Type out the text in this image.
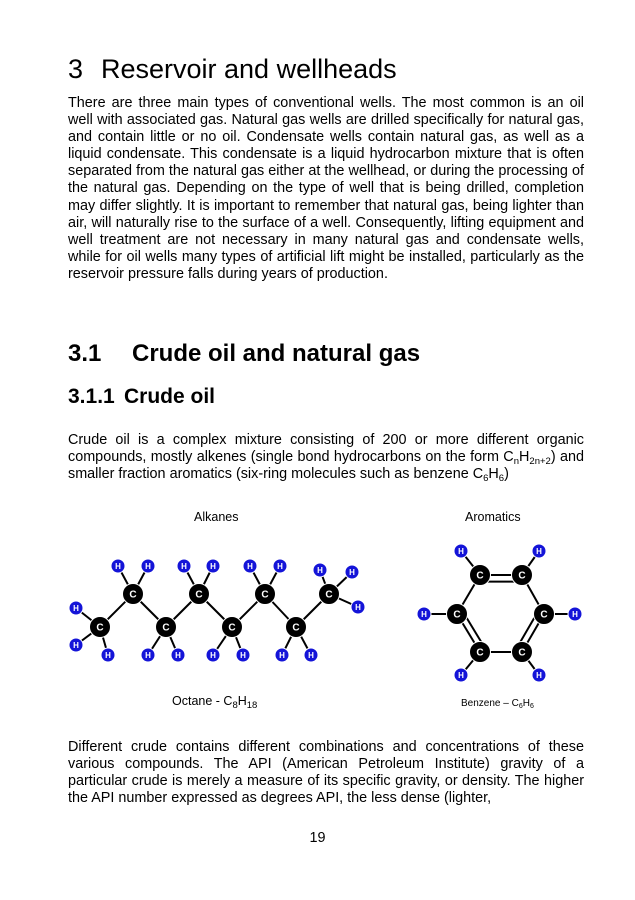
3 Reservoir and wellheads

There are three main types of conventional wells. The most common is an oil well with associated gas. Natural gas wells are drilled specifically for natural gas, and contain little or no oil. Condensate wells contain natural gas, as well as a liquid condensate. This condensate is a liquid hydrocarbon mixture that is often separated from the natural gas either at the wellhead, or during the processing of the natural gas. Depending on the type of well that is being drilled, completion may differ slightly. It is important to remember that natural gas, being lighter than air, will naturally rise to the surface of a well. Consequently, lifting equipment and well treatment are not necessary in many natural gas and condensate wells, while for oil wells many types of artificial lift might be installed, particularly as the reservoir pressure falls during years of production.

3.1 Crude oil and natural gas
3.1.1 Crude oil

Crude oil is a complex mixture consisting of 200 or more different organic compounds, mostly alkenes (single bond hydrocarbons on the form $C_nH_{2n+2}$) and smaller fraction aromatics (six-ring molecules such as benzene $C_6H_6$)

Alkanes	Aromatics
H
H
H
H	H
H	H
H	H
H	H
H	H
H	H
H	H
H
C
C
C
C
C
C
C
C
H	H
H
H
H
H
C	C
C
C
C
C
Octane - $C_8H_{18}$	Benzene – $C_6H_6$

Different crude contains different combinations and concentrations of these various compounds. The API (American Petroleum Institute) gravity of a particular crude is merely a measure of its specific gravity, or density. The higher the API number expressed as degrees API, the less dense (lighter,

19
